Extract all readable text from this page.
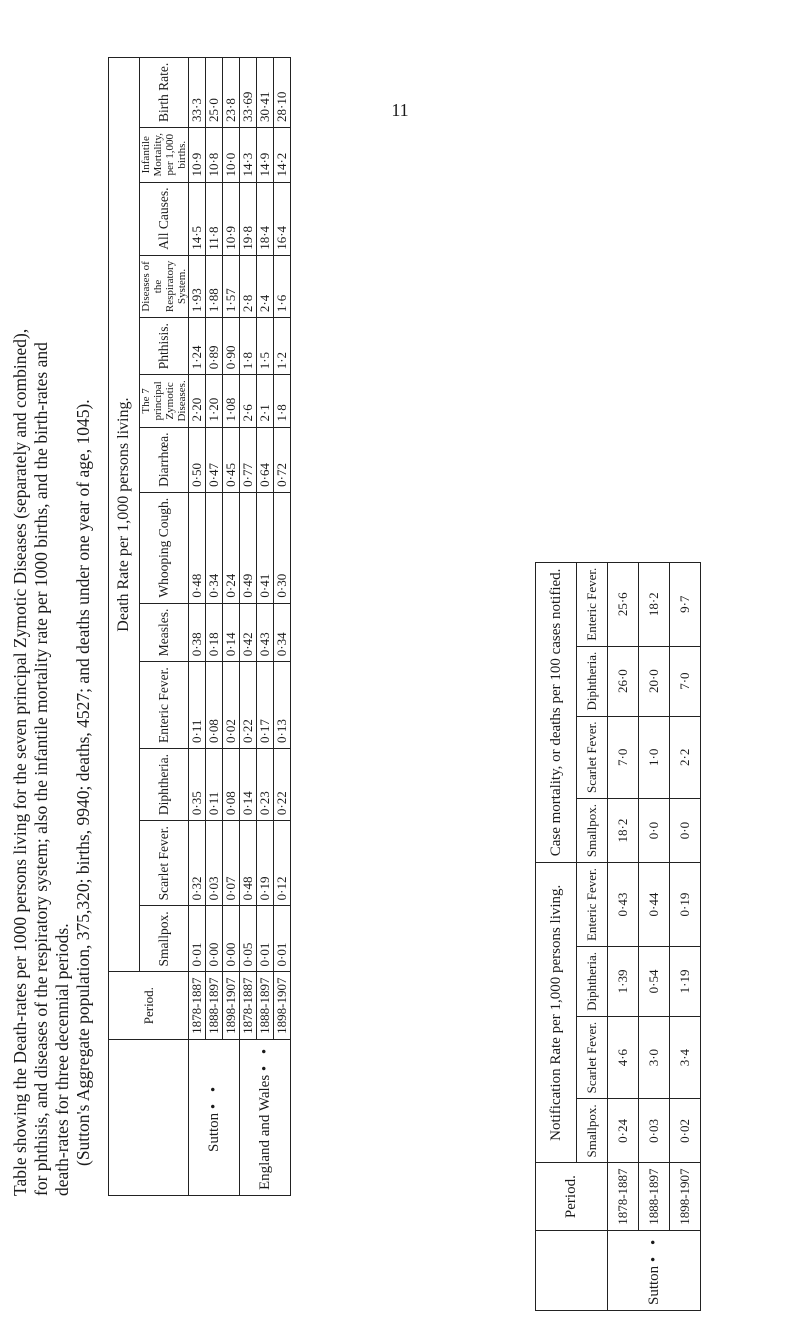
11
Table showing the Death-rates per 1000 persons living for the seven principal Zymotic Diseases (separately and combined), for phthisis, and diseases of the respiratory system; also the infantile mortality rate per 1000 births, and the birth-rates and death-rates for three decennial periods. (Sutton's Aggregate population, 375,320; births, 9940; deaths, 4527; and deaths under one year of age, 1045).
		Period.	Death Rate per 1,000 persons living.												
		Smallpox.	Scarlet Fever.	Diphtheria.	Enteric Fever.	Measles.	Whooping Cough.	Diarrhœa.	The 7 principal Zymotic Diseases.	Phthisis.	Diseases of the Respiratory System.	All Causes.	Infantile Mortality, per 1,000 births.	Birth Rate.
Sutton • •	1878-1887	0·01	0·32	0·35	0·11	0·38	0·48	0·50	2·20	1·24	1·93	14·5	10·9	33·3
	1888-1897	0·00	0·03	0·11	0·08	0·18	0·34	0·47	1·20	0·89	1·88	11·8	10·8	25·0
	1898-1907	0·00	0·07	0·08	0·02	0·14	0·24	0·45	1·08	0·90	1·57	10·9	10·0	23·8
England and Wales • •	1878-1887	0·05	0·48	0·14	0·22	0·42	0·49	0·77	2·6	1·8	2·8	19·8	14·3	33·69
	1888-1897	0·01	0·19	0·23	0·17	0·43	0·41	0·64	2·1	1·5	2·4	18·4	14·9	30·41
	1898-1907	0·01	0·12	0·22	0·13	0·34	0·30	0·72	1·8	1·2	1·6	16·4	14·2	28·10
	Period.	Notification Rate per 1,000 persons living.				Case mortality, or deaths per 100 cases notified.			
		Smallpox.	Scarlet Fever.	Diphtheria.	Enteric Fever.	Smallpox.	Scarlet Fever.	Diphtheria.	Enteric Fever.
Sutton • •	1878-1887	0·24	4·6	1·39	0·43	18·2	7·0	26·0	25·6
	1888-1897	0·03	3·0	0·54	0·44	0·0	1·0	20·0	18·2
	1898-1907	0·02	3·4	1·19	0·19	0·0	2·2	7·0	9·7
